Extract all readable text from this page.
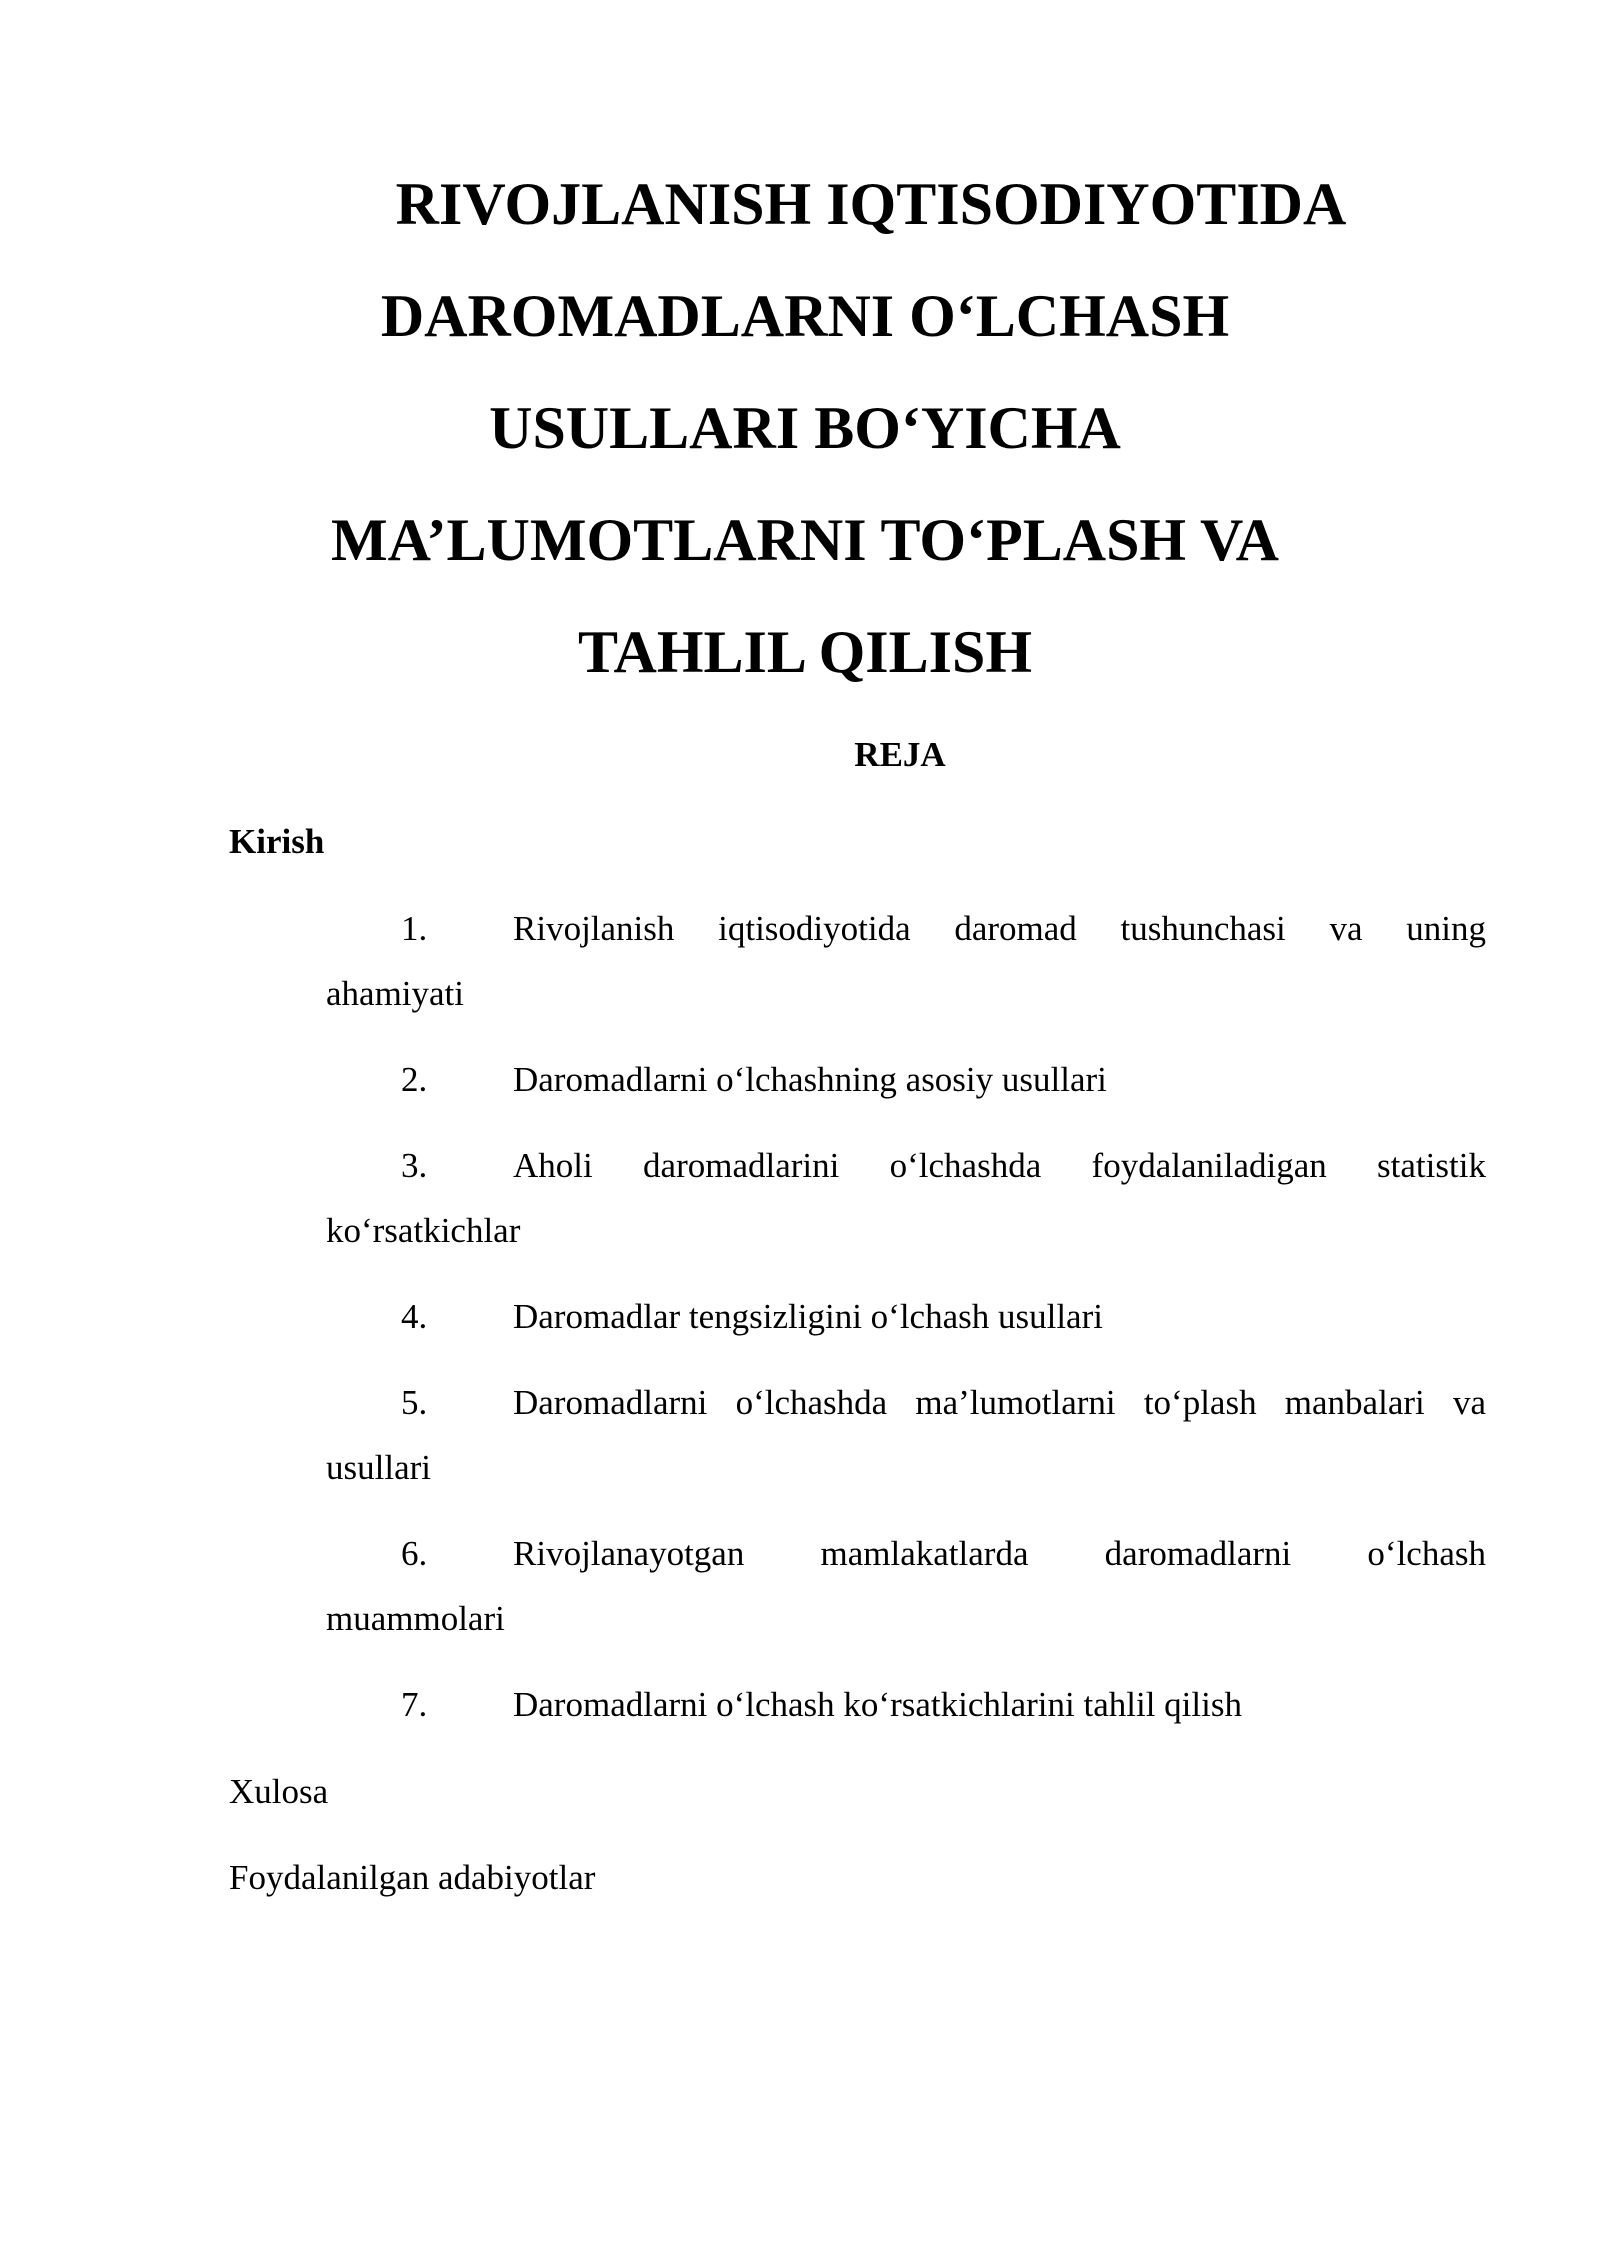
RIVOJLANISH IQTISODIYOTIDA
DAROMADLARNI O‘LCHASH
USULLARI BO‘YICHA
MA’LUMOTLARNI TO‘PLASH VA
TAHLIL QILISH

REJA

Kirish

1.	Rivojlanish iqtisodiyotida daromad tushunchasi va uning
ahamiyati
2.	Daromadlarni o‘lchashning asosiy usullari
3.	Aholi daromadlarini o‘lchashda foydalaniladigan statistik
ko‘rsatkichlar
4.	Daromadlar tengsizligini o‘lchash usullari
5.	Daromadlarni o‘lchashda ma’lumotlarni to‘plash manbalari va
usullari
6.	Rivojlanayotgan mamlakatlarda daromadlarni o‘lchash
muammolari
7.	Daromadlarni o‘lchash ko‘rsatkichlarini tahlil qilish

Xulosa

Foydalanilgan adabiyotlar
